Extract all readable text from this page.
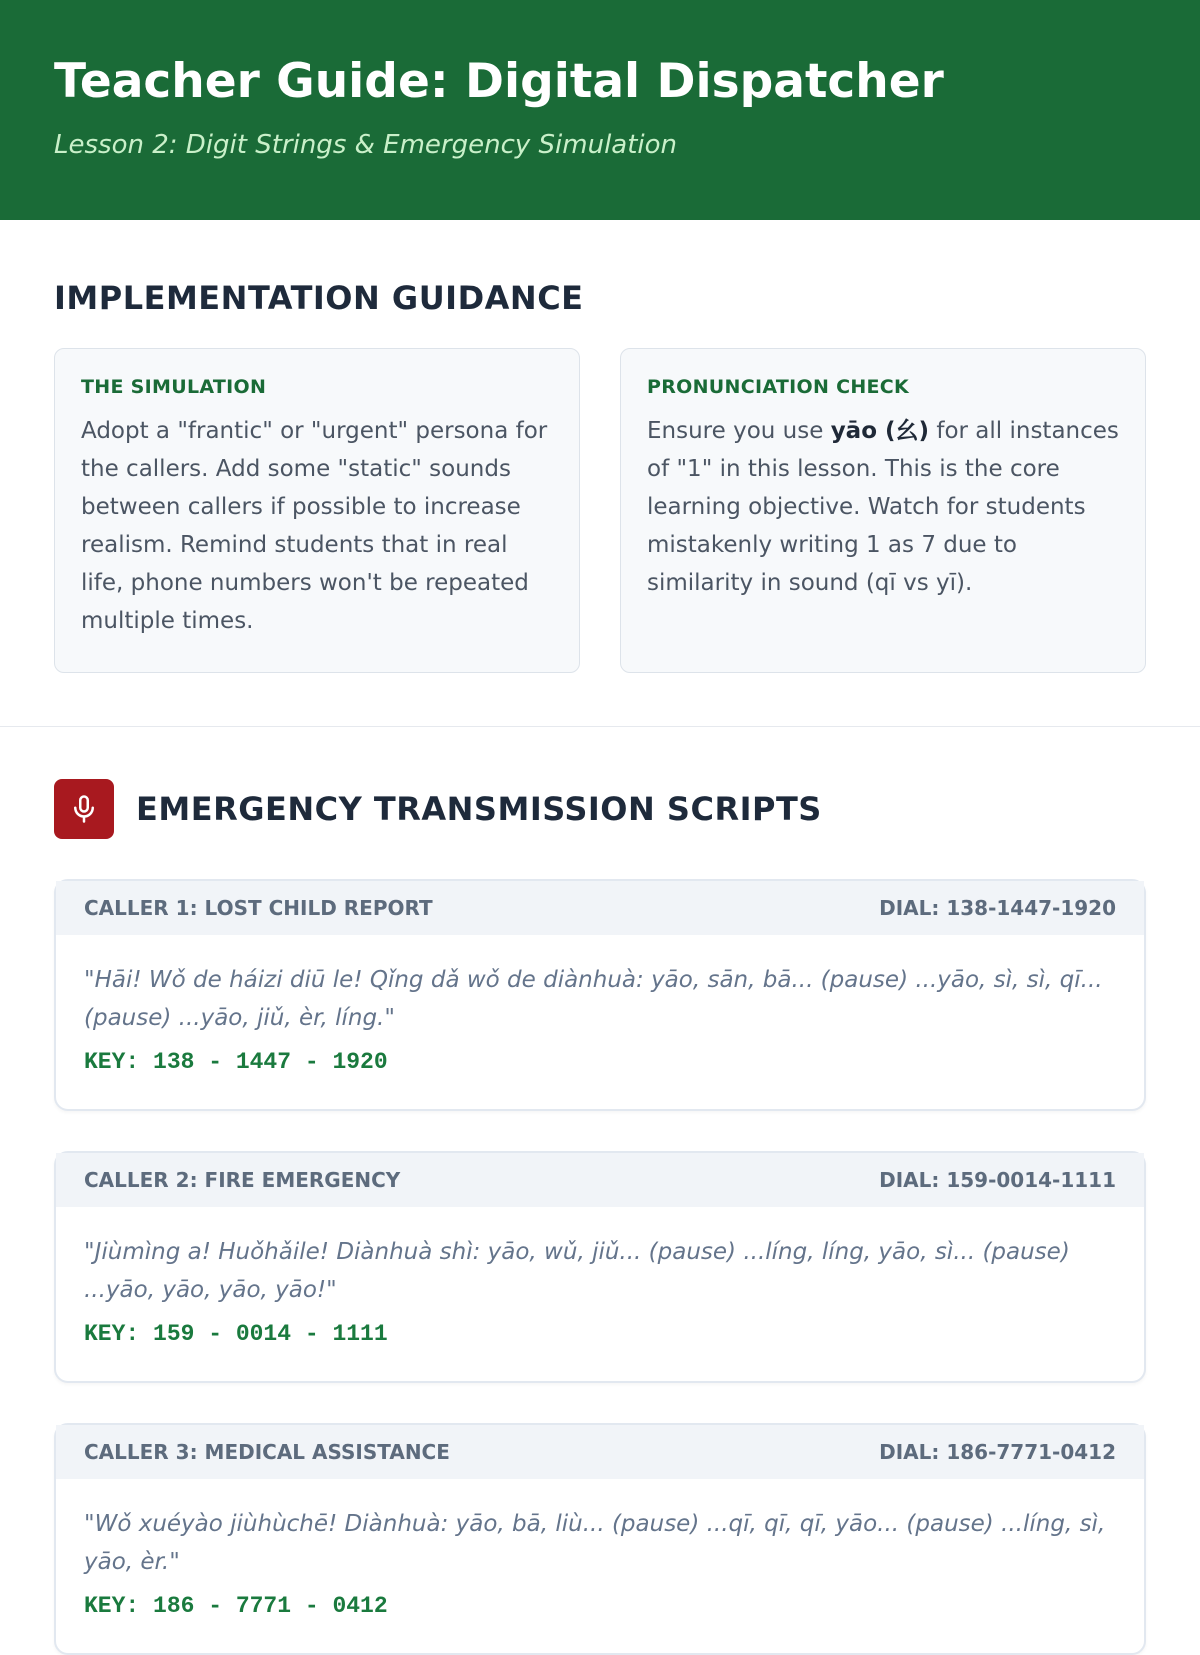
Teacher Guide: Digital Dispatcher
Lesson 2: Digit Strings & Emergency Simulation
IMPLEMENTATION GUIDANCE
THE SIMULATION

Adopt a "frantic" or "urgent" persona for the callers. Add some "static" sounds between callers if possible to increase realism. Remind students that in real life, phone numbers won't be repeated multiple times.

PRONUNCIATION CHECK

Ensure you use yāo (幺) for all instances of "1" in this lesson. This is the core learning objective. Watch for students mistakenly writing 1 as 7 due to similarity in sound (qī vs yī).

EMERGENCY TRANSMISSION SCRIPTS
CALLER 1: LOST CHILD REPORT	DIAL: 138-1447-1920

"Hāi! Wǒ de háizi diū le! Qǐng dǎ wǒ de diànhuà: yāo, sān, bā... (pause) ...yāo, sì, sì, qī... (pause) ...yāo, jiǔ, èr, líng."

KEY: 138 - 1447 - 1920
CALLER 2: FIRE EMERGENCY	DIAL: 159-0014-1111

"Jiùmìng a! Huǒhǎile! Diànhuà shì: yāo, wǔ, jiǔ... (pause) ...líng, líng, yāo, sì... (pause) ...yāo, yāo, yāo, yāo!"

KEY: 159 - 0014 - 1111
CALLER 3: MEDICAL ASSISTANCE	DIAL: 186-7771-0412

"Wǒ xuéyào jiùhùchē! Diànhuà: yāo, bā, liù... (pause) ...qī, qī, qī, yāo... (pause) ...líng, sì, yāo, èr."

KEY: 186 - 7771 - 0412
